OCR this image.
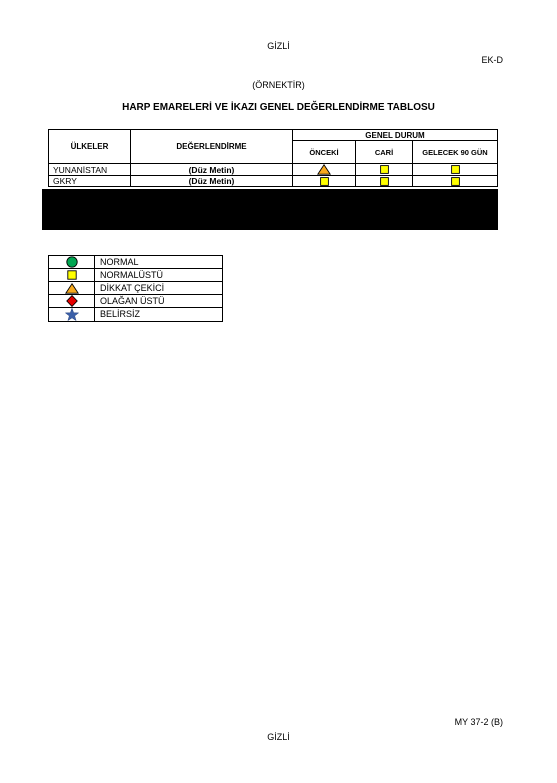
GİZLİ
EK-D
(ÖRNEKTİR)
HARP EMARELERİ VE İKAZI GENEL DEĞERLENDİRME TABLOSU
ÜLKELER	DEĞERLENDİRME	GENEL DURUM		
		ÖNCEKİ	CARİ	GELECEK 90 GÜN
YUNANİSTAN	(Düz Metin)			
GKRY	(Düz Metin)			
	NORMAL
	NORMALÜSTÜ
	DİKKAT ÇEKİCİ
	OLAĞAN ÜSTÜ
	BELİRSİZ
MY 37-2 (B)
GİZLİ
